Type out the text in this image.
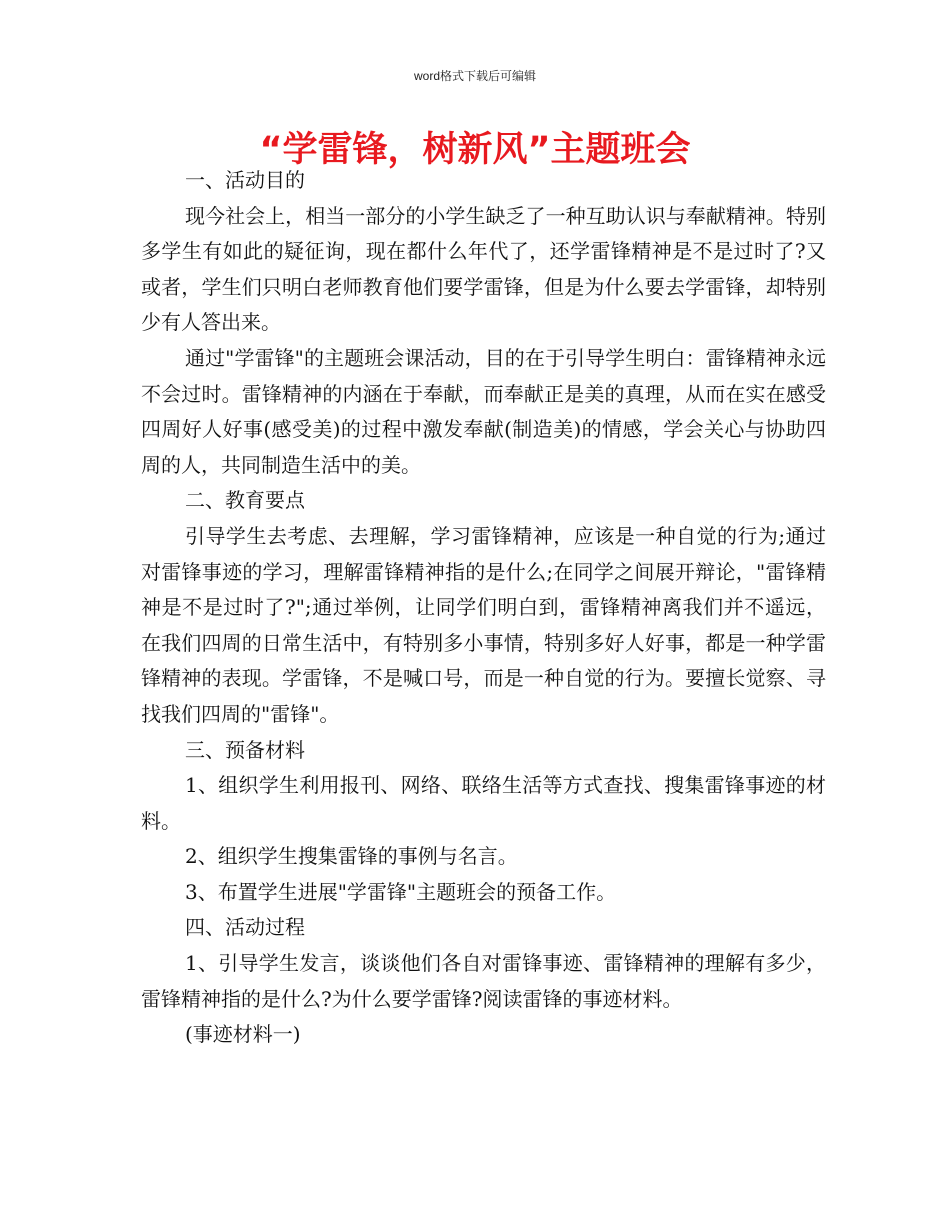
word格式下载后可编辑
“学雷锋，树新风”主题班会

一、活动目的

现今社会上，相当一部分的小学生缺乏了一种互助认识与奉献精神。特别多学生有如此的疑征询，现在都什么年代了，还学雷锋精神是不是过时了?又或者，学生们只明白老师教育他们要学雷锋，但是为什么要去学雷锋，却特别少有人答出来。

通过"学雷锋"的主题班会课活动，目的在于引导学生明白：雷锋精神永远不会过时。雷锋精神的内涵在于奉献，而奉献正是美的真理，从而在实在感受四周好人好事(感受美)的过程中激发奉献(制造美)的情感，学会关心与协助四周的人，共同制造生活中的美。

二、教育要点

引导学生去考虑、去理解，学习雷锋精神，应该是一种自觉的行为;通过对雷锋事迹的学习，理解雷锋精神指的是什么;在同学之间展开辩论，"雷锋精神是不是过时了?";通过举例，让同学们明白到，雷锋精神离我们并不遥远，在我们四周的日常生活中，有特别多小事情，特别多好人好事，都是一种学雷锋精神的表现。学雷锋，不是喊口号，而是一种自觉的行为。要擅长觉察、寻找我们四周的"雷锋"。

三、预备材料

1、组织学生利用报刊、网络、联络生活等方式查找、搜集雷锋事迹的材料。

2、组织学生搜集雷锋的事例与名言。

3、布置学生进展"学雷锋"主题班会的预备工作。

四、活动过程

1、引导学生发言，谈谈他们各自对雷锋事迹、雷锋精神的理解有多少，雷锋精神指的是什么?为什么要学雷锋?阅读雷锋的事迹材料。

(事迹材料一)
